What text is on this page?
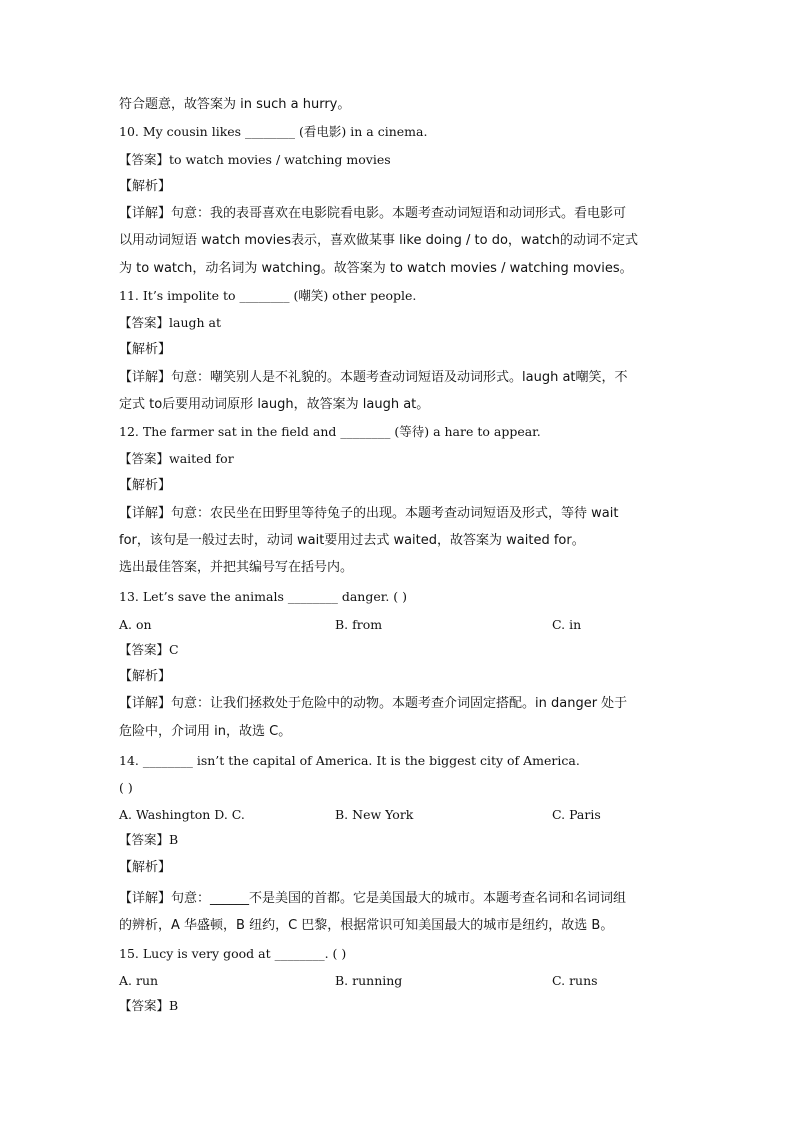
符合题意，故答案为 in such a hurry。
10. My cousin likes ________ (看电影) in a cinema.
【答案】to watch movies / watching movies
【解析】
【详解】句意：我的表哥喜欢在电影院看电影。本题考查动词短语和动词形式。看电影可
以用动词短语 watch movies表示，喜欢做某事 like doing / to do，watch的动词不定式
为 to watch，动名词为 watching。故答案为 to watch movies / watching movies。
11. It’s impolite to ________ (嘲笑) other people.
【答案】laugh at
【解析】
【详解】句意：嘲笑别人是不礼貌的。本题考查动词短语及动词形式。laugh at嘲笑，不
定式 to后要用动词原形 laugh，故答案为 laugh at。
12. The farmer sat in the field and ________ (等待) a hare to appear.
【答案】waited for
【解析】
【详解】句意：农民坐在田野里等待兔子的出现。本题考查动词短语及形式，等待 wait
for，该句是一般过去时，动词 wait要用过去式 waited，故答案为 waited for。
选出最佳答案，并把其编号写在括号内。
13. Let’s save the animals ________ danger. ( )
A. on	B. from	C. in
【答案】C
【解析】
【详解】句意：让我们拯救处于危险中的动物。本题考查介词固定搭配。in danger 处于
危险中，介词用 in，故选 C。
14. ________ isn’t the capital of America. It is the biggest city of America.
( )
A. Washington D. C.	B. New York	C. Paris
【答案】B
【解析】
【详解】句意：______不是美国的首都。它是美国最大的城市。本题考查名词和名词词组
的辨析，A 华盛顿，B 纽约，C 巴黎，根据常识可知美国最大的城市是纽约，故选 B。
15. Lucy is very good at ________. ( )
A. run	B. running	C. runs
【答案】B
